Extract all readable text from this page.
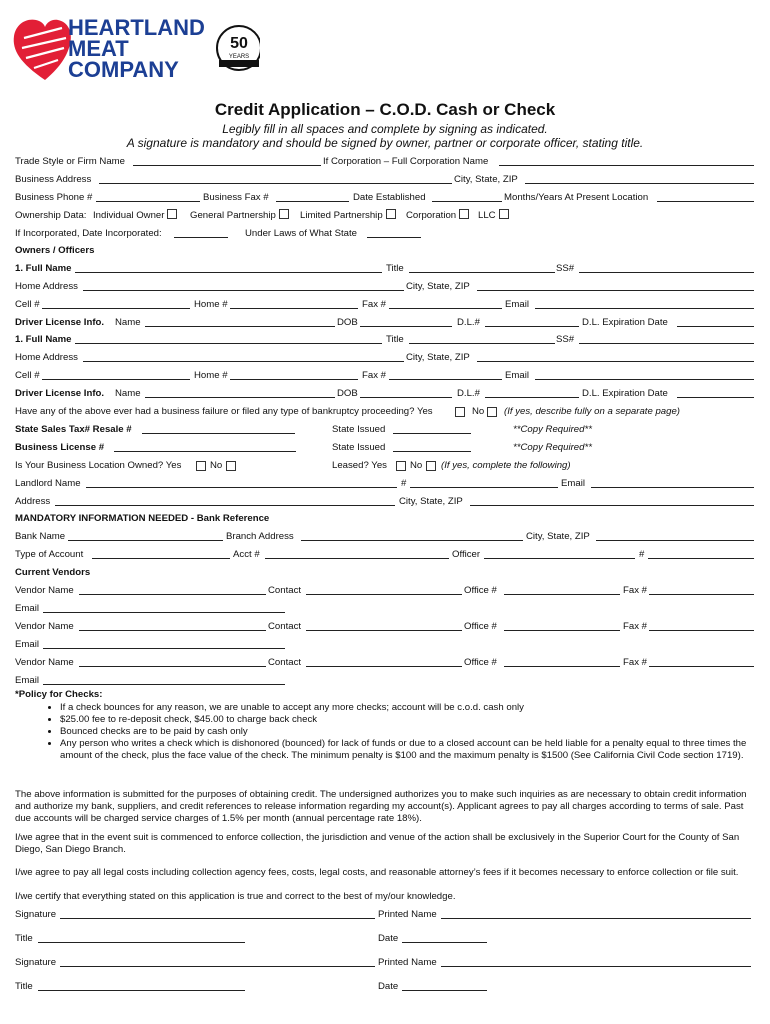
HEARTLAND
MEAT
COMPANY
50
YEARS
Credit Application – C.O.D. Cash or Check
Legibly fill in all spaces and complete by signing as indicated.
A signature is mandatory and should be signed by owner, partner or corporate officer, stating title.
Trade Style or Firm Name	If Corporation – Full Corporation Name
Business Address	City, State, ZIP
Business Phone #	Business Fax #	Date Established	Months/Years At Present Location
Ownership Data: Individual Owner	General Partnership	Limited Partnership	Corporation	LLC
If Incorporated, Date Incorporated:	Under Laws of What State
Owners / Officers
1. Full Name	Title	SS#
Home Address	City, State, ZIP
Cell #	Home #	Fax #	Email
Driver License Info. Name	DOB	D.L.#	D.L. Expiration Date
1. Full Name	Title	SS#
Home Address	City, State, ZIP
Cell #	Home #	Fax #	Email
Driver License Info. Name	DOB	D.L.#	D.L. Expiration Date
Have any of the above ever had a business failure or filed any type of bankruptcy proceeding? Yes	No (If yes, describe fully on a separate page)
State Sales Tax# Resale #	State Issued	**Copy Required**
Business License #	State Issued	**Copy Required**
Is Your Business Location Owned? Yes	No	Leased? Yes No (If yes, complete the following)
Landlord Name	#	Email
Address	City, State, ZIP
MANDATORY INFORMATION NEEDED - Bank Reference
Bank Name	Branch Address	City, State, ZIP
Type of Account	Acct #	Officer	#
Current Vendors
Vendor Name	Contact	Office #	Fax #
Email
Vendor Name	Contact	Office #	Fax #
Email
Vendor Name	Contact	Office #	Fax #
Email
*Policy for Checks:
• If a check bounces for any reason, we are unable to accept any more checks; account will be c.o.d. cash only
• $25.00 fee to re-deposit check, $45.00 to charge back check
• Bounced checks are to be paid by cash only
• Any person who writes a check which is dishonored (bounced) for lack of funds or due to a closed account can be held liable for a penalty equal to three times the amount of the check, plus the face value of the check. The minimum penalty is $100 and the maximum penalty is $1500 (See California Civil Code section 1719).
The above information is submitted for the purposes of obtaining credit. The undersigned authorizes you to make such inquiries as are necessary to obtain credit information and authorize my bank, suppliers, and credit references to release information regarding my account(s). Applicant agrees to pay all charges according to terms of sale. Past due accounts will be charged service charges of 1.5% per month (annual percentage rate 18%).
I/we agree that in the event suit is commenced to enforce collection, the jurisdiction and venue of the action shall be exclusively in the Superior Court for the County of San Diego, San Diego Branch.
I/we agree to pay all legal costs including collection agency fees, costs, legal costs, and reasonable attorney’s fees if it becomes necessary to enforce collection or file suit.
I/we certify that everything stated on this application is true and correct to the best of my/our knowledge.
Signature	Printed Name
Title	Date
Signature	Printed Name
Title	Date
